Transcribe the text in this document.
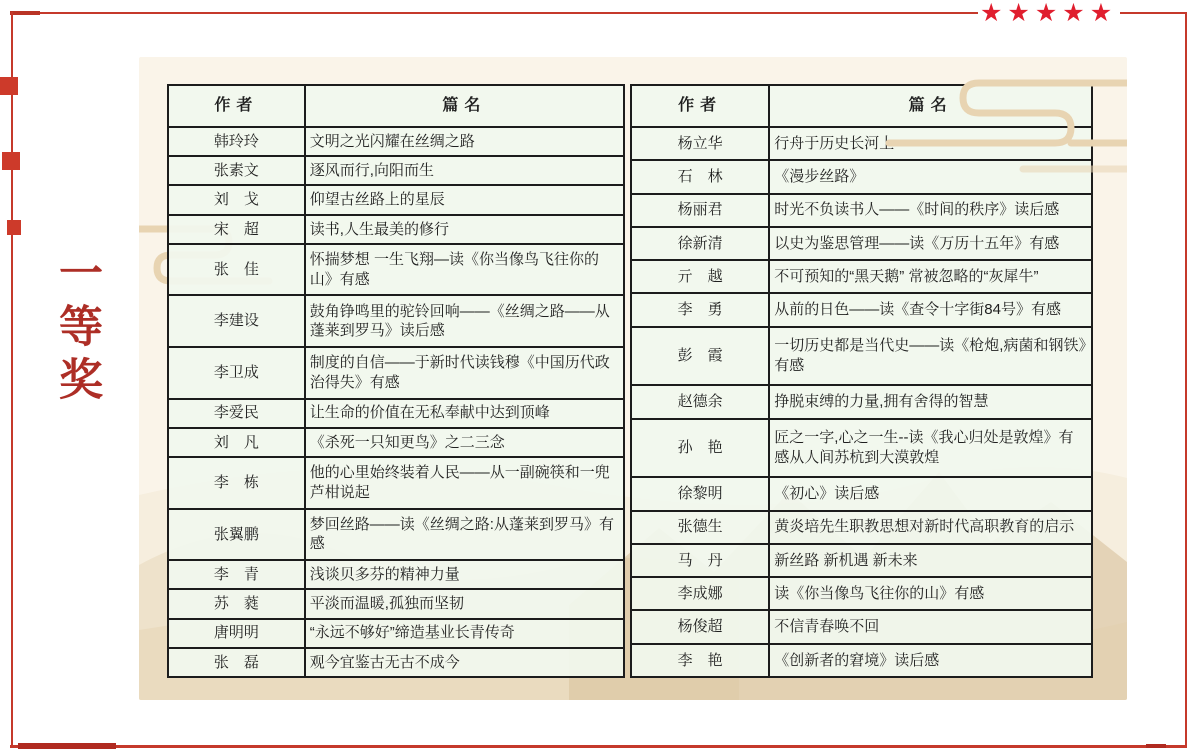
★ ★ ★ ★ ★
一等奖
作者	篇名
韩玲玲	文明之光闪耀在丝绸之路
张素文	逐风而行,向阳而生
刘　戈	仰望古丝路上的星辰
宋　超	读书,人生最美的修行
张　佳	怀揣梦想 一生飞翔—读《你当像鸟飞往你的山》有感
李建设	鼓角铮鸣里的驼铃回响——《丝绸之路——从蓬莱到罗马》读后感
李卫成	制度的自信——于新时代读钱穆《中国历代政治得失》有感
李爱民	让生命的价值在无私奉献中达到顶峰
刘　凡	《杀死一只知更鸟》之二三念
李　栋	他的心里始终装着人民——从一副碗筷和一兜芦柑说起
张翼鹏	梦回丝路——读《丝绸之路:从蓬莱到罗马》有感
李　青	浅谈贝多芬的精神力量
苏　蕤	平淡而温暖,孤独而坚韧
唐明明	“永远不够好”缔造基业长青传奇
张　磊	观今宜鉴古无古不成今
作者	篇名
杨立华	行舟于历史长河上
石　林	《漫步丝路》
杨丽君	时光不负读书人——《时间的秩序》读后感
徐新清	以史为鉴思管理——读《万历十五年》有感
亓　越	不可预知的“黑天鹅” 常被忽略的“灰犀牛”
李　勇	从前的日色——读《查令十字街84号》有感
彭　霞	一切历史都是当代史——读《枪炮,病菌和钢铁》有感
赵德余	挣脱束缚的力量,拥有舍得的智慧
孙　艳	匠之一字,心之一生--读《我心归处是敦煌》有感从人间苏杭到大漠敦煌
徐黎明	《初心》读后感
张德生	黄炎培先生职教思想对新时代高职教育的启示
马　丹	新丝路 新机遇 新未来
李成娜	读《你当像鸟飞往你的山》有感
杨俊超	不信青春唤不回
李　艳	《创新者的窘境》读后感
